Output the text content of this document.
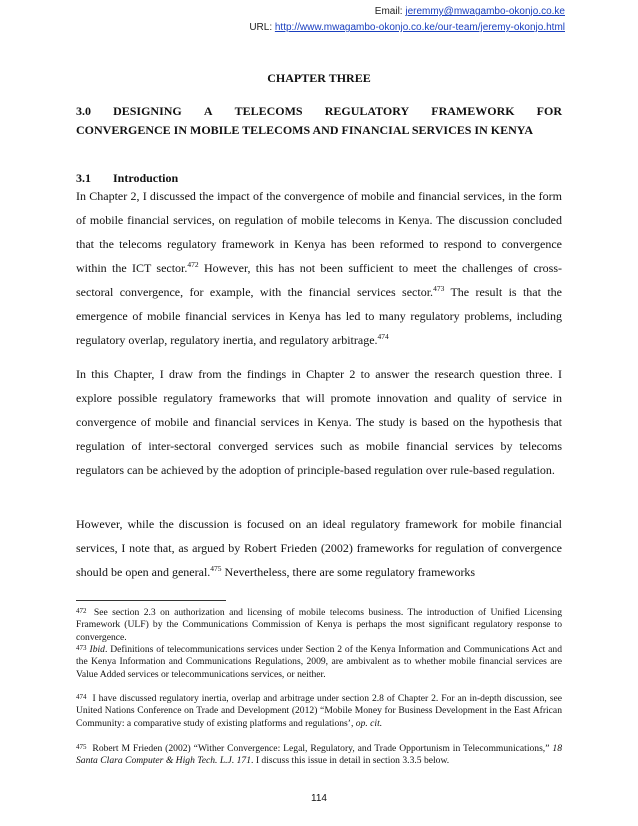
Email: jeremmy@mwagambo-okonjo.co.ke
URL: http://www.mwagambo-okonjo.co.ke/our-team/jeremy-okonjo.html
CHAPTER THREE
3.0 DESIGNING A TELECOMS REGULATORY FRAMEWORK FOR
CONVERGENCE IN MOBILE TELECOMS AND FINANCIAL SERVICES IN KENYA
3.1 Introduction
In Chapter 2, I discussed the impact of the convergence of mobile and financial services, in the form of mobile financial services, on regulation of mobile telecoms in Kenya. The discussion concluded that the telecoms regulatory framework in Kenya has been reformed to respond to convergence within the ICT sector.$^{472}$ However, this has not been sufficient to meet the challenges of cross-sectoral convergence, for example, with the financial services sector.$^{473}$ The result is that the emergence of mobile financial services in Kenya has led to many regulatory problems, including regulatory overlap, regulatory inertia, and regulatory arbitrage.$^{474}$
In this Chapter, I draw from the findings in Chapter 2 to answer the research question three. I explore possible regulatory frameworks that will promote innovation and quality of service in convergence of mobile and financial services in Kenya. The study is based on the hypothesis that regulation of inter-sectoral converged services such as mobile financial services by telecoms regulators can be achieved by the adoption of principle-based regulation over rule-based regulation.
However, while the discussion is focused on an ideal regulatory framework for mobile financial services, I note that, as argued by Robert Frieden (2002) frameworks for regulation of convergence should be open and general.$^{475}$ Nevertheless, there are some regulatory frameworks
$^{472}$ See section 2.3 on authorization and licensing of mobile telecoms business. The introduction of Unified Licensing Framework (ULF) by the Communications Commission of Kenya is perhaps the most significant regulatory response to convergence.
$^{473}$ Ibid. Definitions of telecommunications services under Section 2 of the Kenya Information and Communications Act and the Kenya Information and Communications Regulations, 2009, are ambivalent as to whether mobile financial services are Value Added services or telecommunications services, or neither.
$^{474}$ I have discussed regulatory inertia, overlap and arbitrage under section 2.8 of Chapter 2. For an in-depth discussion, see United Nations Conference on Trade and Development (2012) “Mobile Money for Business Development in the East African Community: a comparative study of existing platforms and regulations’, op. cit.
$^{475}$ Robert M Frieden (2002) “Wither Convergence: Legal, Regulatory, and Trade Opportunism in Telecommunications,” 18 Santa Clara Computer & High Tech. L.J. 171. I discuss this issue in detail in section 3.3.5 below.
114
